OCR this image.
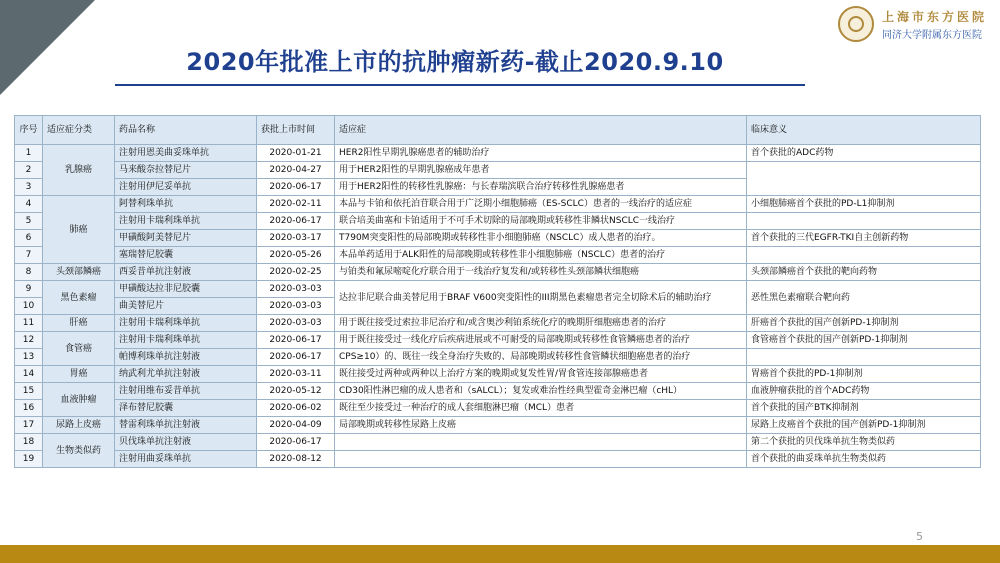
2020年批准上市的抗肿瘤新药-截止2020.9.10
上海市东方医院
同济大学附属东方医院
序号	适应症分类	药品名称	获批上市时间	适应症	临床意义
1	乳腺癌	注射用恩美曲妥珠单抗	2020-01-21	HER2阳性早期乳腺癌患者的辅助治疗	首个获批的ADC药物
2		马来酸奈拉替尼片	2020-04-27	用于HER2阳性的早期乳腺癌成年患者	
3		注射用伊尼妥单抗	2020-06-17	用于HER2阳性的转移性乳腺癌：与长春瑞滨联合治疗转移性乳腺癌患者	
4	肺癌	阿替利珠单抗	2020-02-11	本品与卡铂和依托泊苷联合用于广泛期小细胞肺癌（ES-SCLC）患者的一线治疗的适应症	小细胞肺癌首个获批的PD-L1抑制剂
5		注射用卡瑞利珠单抗	2020-06-17	联合培美曲塞和卡铂适用于不可手术切除的局部晚期或转移性非鳞状NSCLC一线治疗	
6		甲磺酸阿美替尼片	2020-03-17	T790M突变阳性的局部晚期或转移性非小细胞肺癌（NSCLC）成人患者的治疗。	首个获批的三代EGFR-TKI自主创新药物
7		塞瑞替尼胶囊	2020-05-26	本品单药适用于ALK阳性的局部晚期或转移性非小细胞肺癌（NSCLC）患者的治疗	
8	头颈部鳞癌	西妥昔单抗注射液	2020-02-25	与铂类和氟尿嘧啶化疗联合用于一线治疗复发和/或转移性头颈部鳞状细胞癌	头颈部鳞癌首个获批的靶向药物
9	黑色素瘤	甲磺酸达拉非尼胶囊	2020-03-03	达拉非尼联合曲美替尼用于BRAF V600突变阳性的III期黑色素瘤患者完全切除术后的辅助治疗	恶性黑色素瘤联合靶向药
10		曲美替尼片	2020-03-03		
11	肝癌	注射用卡瑞利珠单抗	2020-03-03	用于既往接受过索拉非尼治疗和/或含奥沙利铂系统化疗的晚期肝细胞癌患者的治疗	肝癌首个获批的国产创新PD-1抑制剂
12	食管癌	注射用卡瑞利珠单抗	2020-06-17	用于既往接受过一线化疗后疾病进展或不可耐受的局部晚期或转移性食管鳞癌患者的治疗	食管癌首个获批的国产创新PD-1抑制剂
13		帕博利珠单抗注射液	2020-06-17	CPS≥10）的、既往一线全身治疗失败的、局部晚期或转移性食管鳞状细胞癌患者的治疗	
14	胃癌	纳武利尤单抗注射液	2020-03-11	既往接受过两种或两种以上治疗方案的晚期或复发性胃/胃食管连接部腺癌患者	胃癌首个获批的PD-1抑制剂
15	血液肿瘤	注射用维布妥昔单抗	2020-05-12	CD30阳性淋巴瘤的成人患者和（sALCL）；复发或难治性经典型霍奇金淋巴瘤（cHL）	血液肿瘤获批的首个ADC药物
16		泽布替尼胶囊	2020-06-02	既往至少接受过一种治疗的成人套细胞淋巴瘤（MCL）患者	首个获批的国产BTK抑制剂
17	尿路上皮癌	替雷利珠单抗注射液	2020-04-09	局部晚期或转移性尿路上皮癌	尿路上皮癌首个获批的国产创新PD-1抑制剂
18	生物类似药	贝伐珠单抗注射液	2020-06-17		第二个获批的贝伐珠单抗生物类似药
19		注射用曲妥珠单抗	2020-08-12		首个获批的曲妥珠单抗生物类似药
5
